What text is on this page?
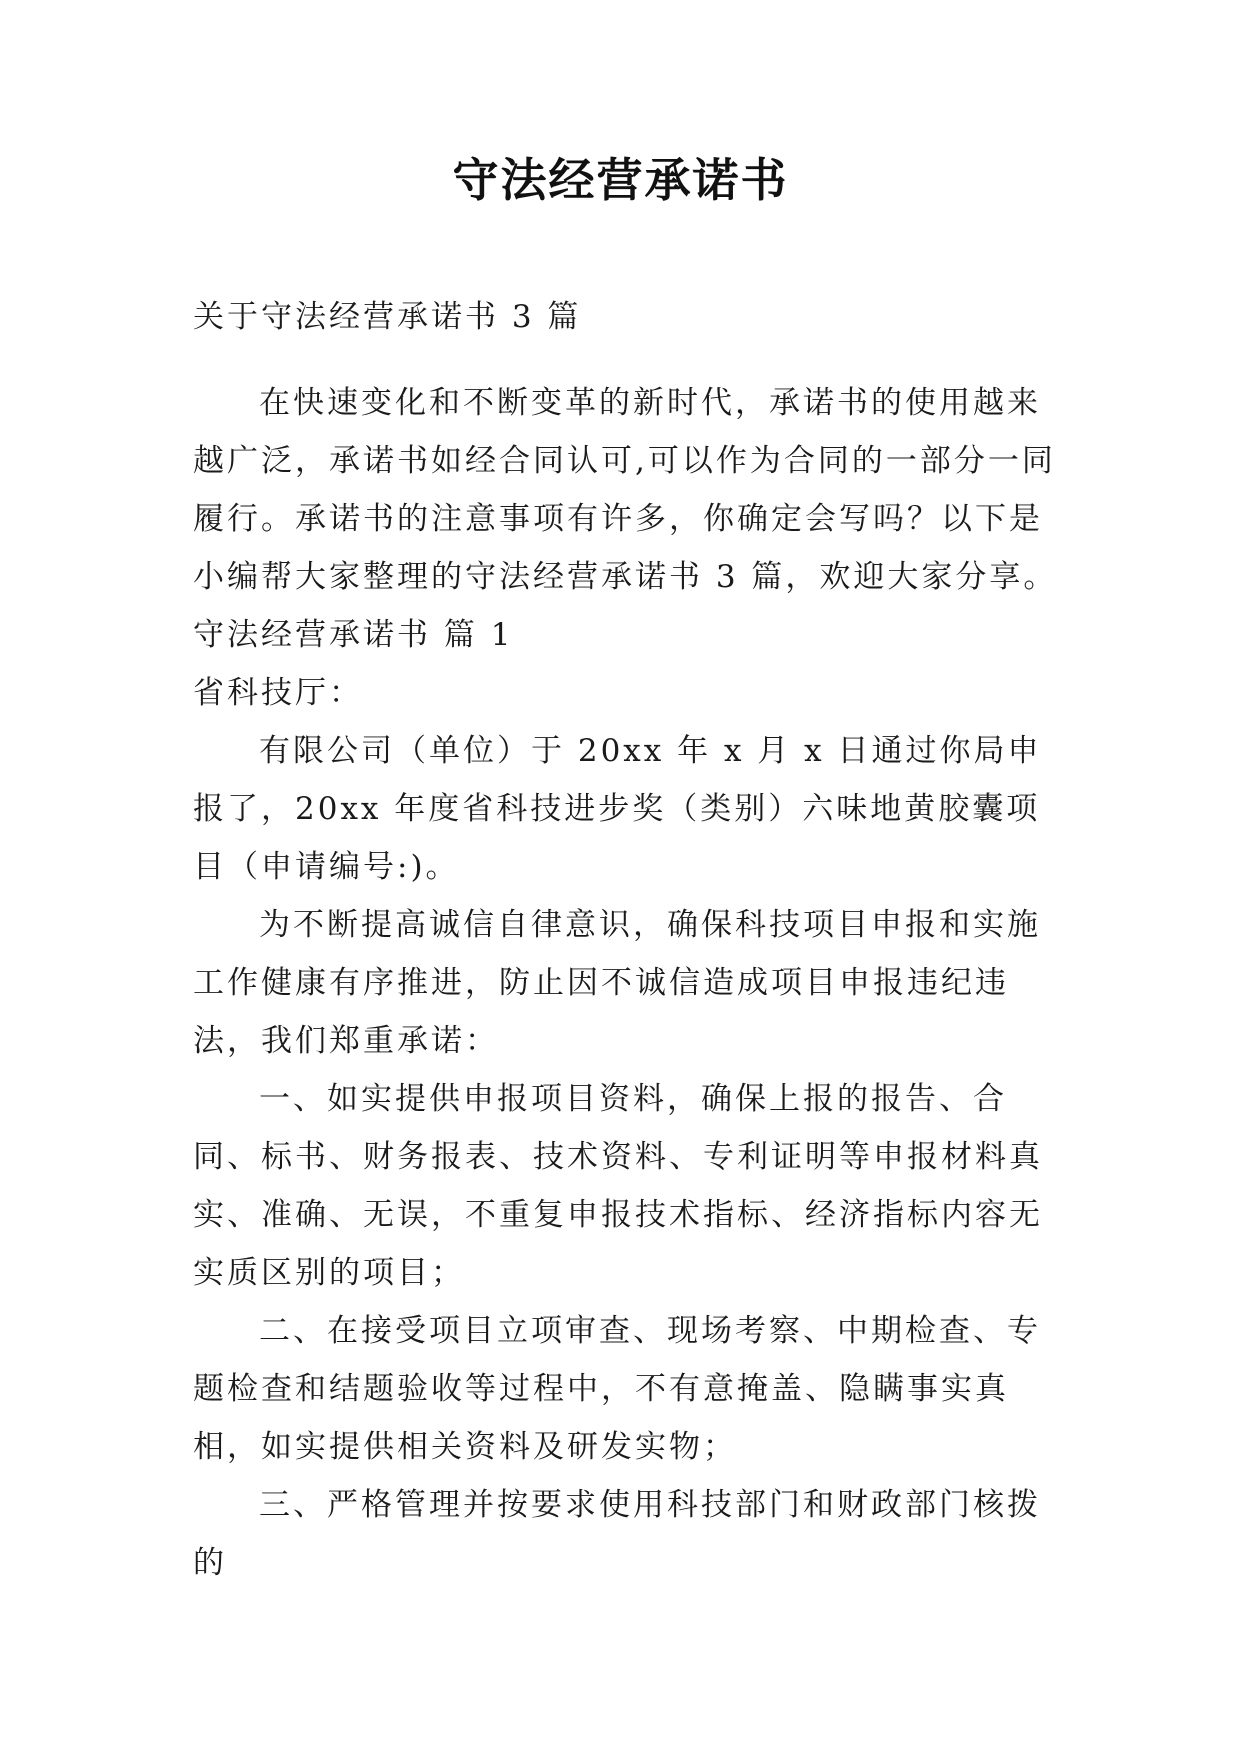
守法经营承诺书
关于守法经营承诺书 3 篇

在快速变化和不断变革的新时代，承诺书的使用越来越广泛，承诺书如经合同认可,可以作为合同的一部分一同履行。承诺书的注意事项有许多，你确定会写吗？以下是小编帮大家整理的守法经营承诺书 3 篇，欢迎大家分享。

守法经营承诺书 篇 1

省科技厅：

有限公司（单位）于 20xx 年 x 月 x 日通过你局申报了，20xx 年度省科技进步奖（类别）六味地黄胶囊项目（申请编号:)。

为不断提高诚信自律意识，确保科技项目申报和实施工作健康有序推进，防止因不诚信造成项目申报违纪违法，我们郑重承诺：

一、如实提供申报项目资料，确保上报的报告、合同、标书、财务报表、技术资料、专利证明等申报材料真实、准确、无误，不重复申报技术指标、经济指标内容无实质区别的项目；

二、在接受项目立项审查、现场考察、中期检查、专题检查和结题验收等过程中，不有意掩盖、隐瞒事实真相，如实提供相关资料及研发实物；

三、严格管理并按要求使用科技部门和财政部门核拨的
